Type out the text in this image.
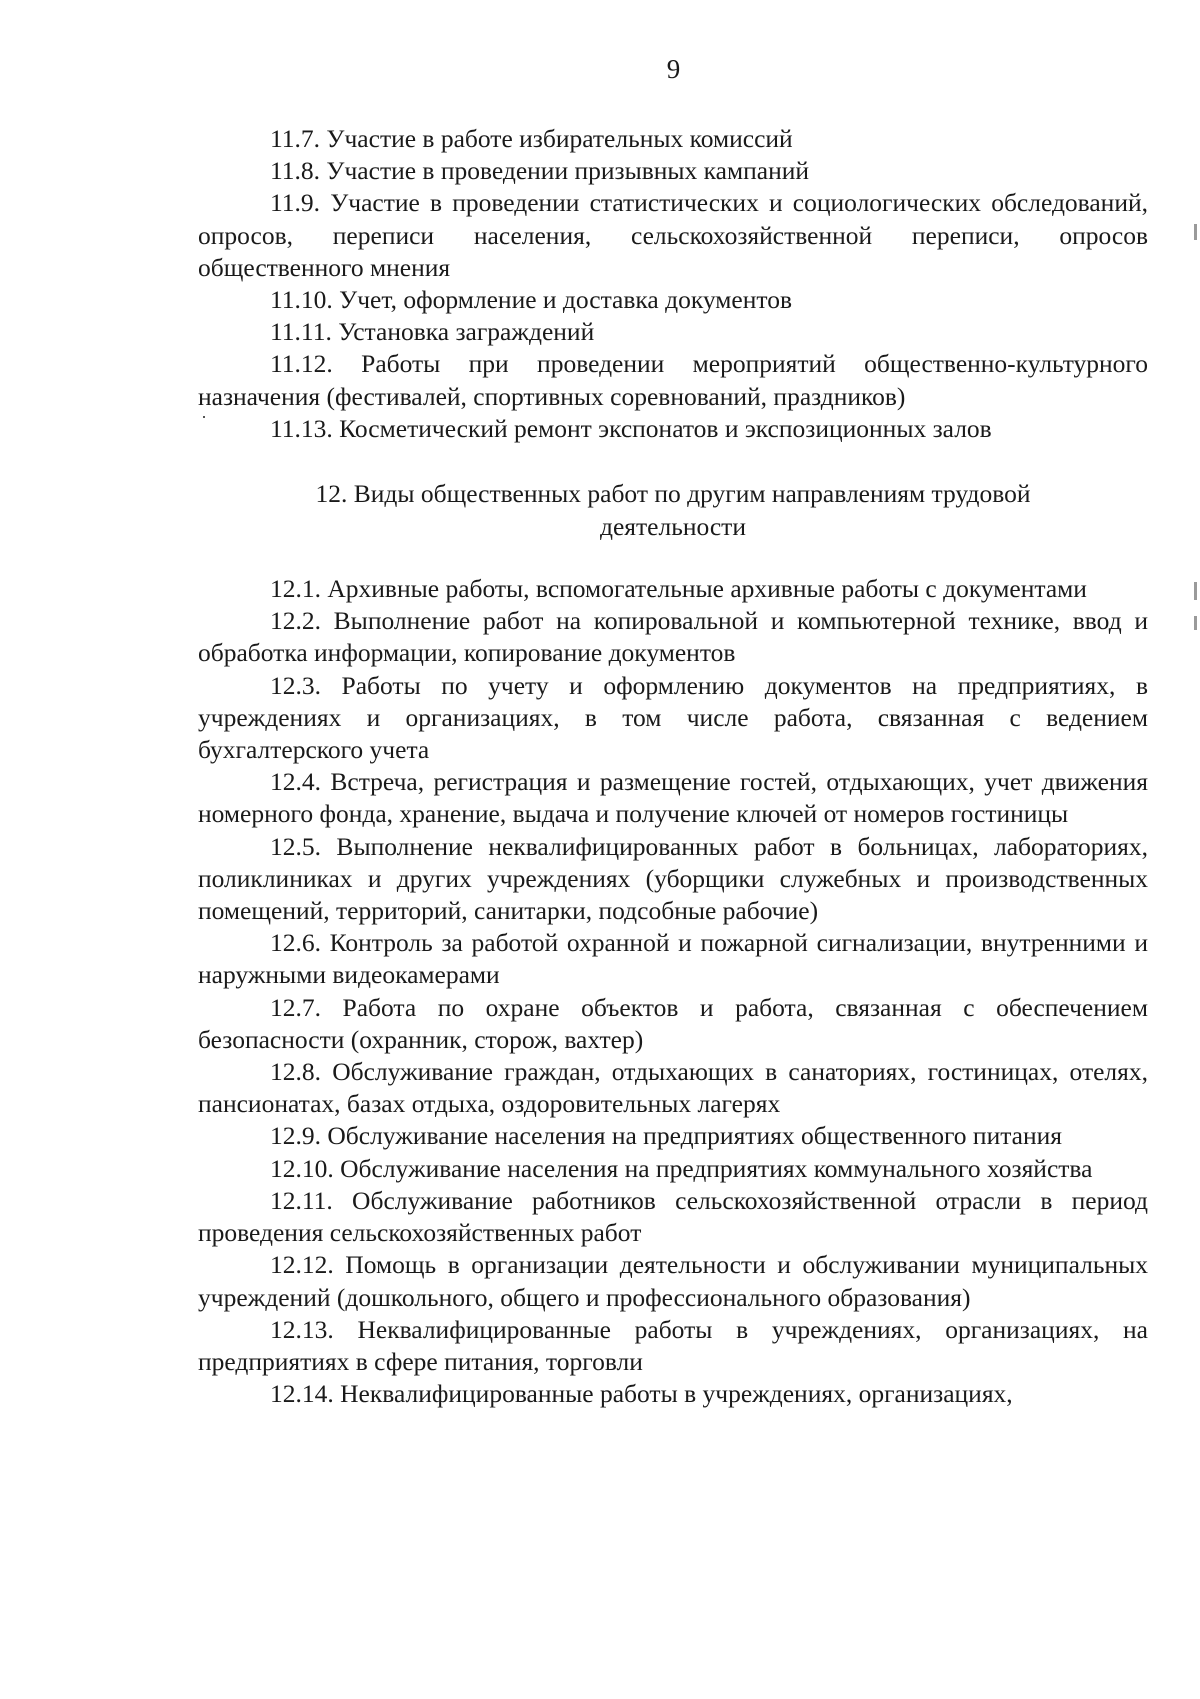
9

11.7. Участие в работе избирательных комиссий

11.8. Участие в проведении призывных кампаний

11.9. Участие в проведении статистических и социологических обследований, опросов, переписи населения, сельскохозяйственной переписи, опросов общественного мнения

11.10. Учет, оформление и доставка документов

11.11. Установка заграждений

11.12. Работы при проведении мероприятий общественно-культурного назначения (фестивалей, спортивных соревнований, праздников)

11.13. Косметический ремонт экспонатов и экспозиционных залов

12. Виды общественных работ по другим направлениям трудовой
деятельности

12.1. Архивные работы, вспомогательные архивные работы с документами

12.2. Выполнение работ на копировальной и компьютерной технике, ввод и обработка информации, копирование документов

12.3. Работы по учету и оформлению документов на предприятиях, в учреждениях и организациях, в том числе работа, связанная с ведением бухгалтерского учета

12.4. Встреча, регистрация и размещение гостей, отдыхающих, учет движения номерного фонда, хранение, выдача и получение ключей от номеров гостиницы

12.5. Выполнение неквалифицированных работ в больницах, лабораториях, поликлиниках и других учреждениях (уборщики служебных и производственных помещений, территорий, санитарки, подсобные рабочие)

12.6. Контроль за работой охранной и пожарной сигнализации, внутренними и наружными видеокамерами

12.7. Работа по охране объектов и работа, связанная с обеспечением безопасности (охранник, сторож, вахтер)

12.8. Обслуживание граждан, отдыхающих в санаториях, гостиницах, отелях, пансионатах, базах отдыха, оздоровительных лагерях

12.9. Обслуживание населения на предприятиях общественного питания

12.10. Обслуживание населения на предприятиях коммунального хозяйства

12.11. Обслуживание работников сельскохозяйственной отрасли в период проведения сельскохозяйственных работ

12.12. Помощь в организации деятельности и обслуживании муниципальных учреждений (дошкольного, общего и профессионального образования)

12.13. Неквалифицированные работы в учреждениях, организациях, на предприятиях в сфере питания, торговли

12.14. Неквалифицированные работы в учреждениях, организациях,
